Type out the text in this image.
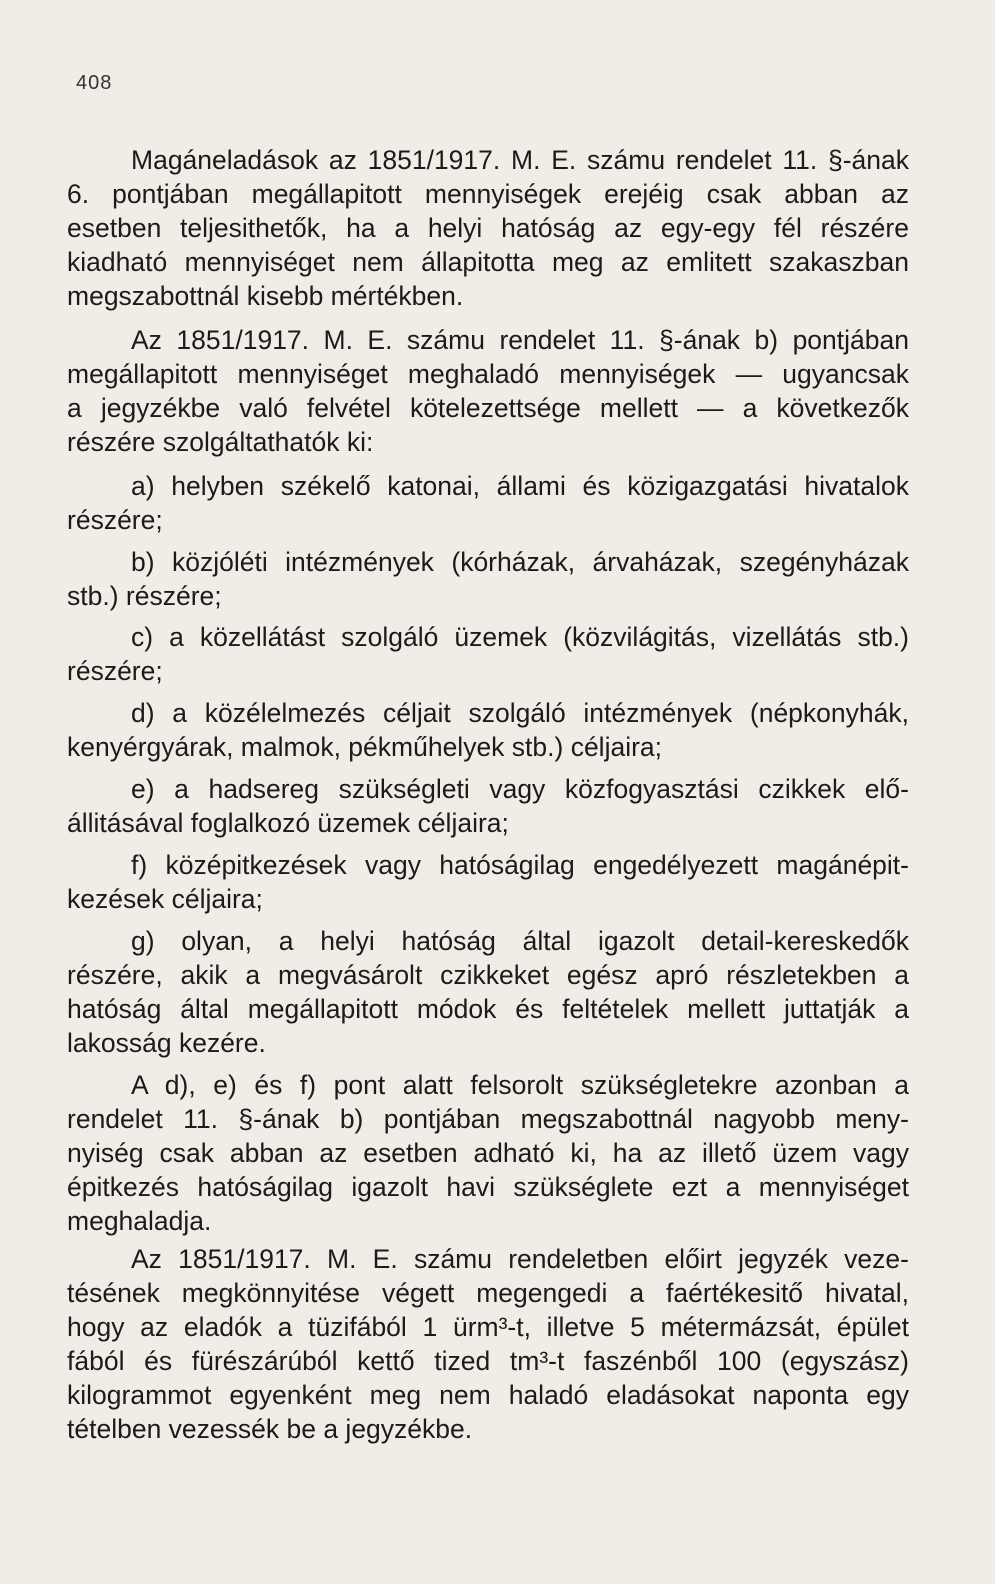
408
Magáneladások az 1851/1917. M. E. számu rendelet 11. §-ának
6. pontjában megállapitott mennyiségek erejéig csak abban az
esetben teljesithetők, ha a helyi hatóság az egy-egy fél részére
kiadható mennyiséget nem állapitotta meg az emlitett szakaszban
megszabottnál kisebb mértékben.
Az 1851/1917. M. E. számu rendelet 11. §-ának b) pontjában
megállapitott mennyiséget meghaladó mennyiségek — ugyancsak
a jegyzékbe való felvétel kötelezettsége mellett — a következők
részére szolgáltathatók ki:
a) helyben székelő katonai, állami és közigazgatási hivatalok
részére;
b) közjóléti intézmények (kórházak, árvaházak, szegényházak
stb.) részére;
c) a közellátást szolgáló üzemek (közvilágitás, vizellátás stb.)
részére;
d) a közélelmezés céljait szolgáló intézmények (népkonyhák,
kenyérgyárak, malmok, pékműhelyek stb.) céljaira;
e) a hadsereg szükségleti vagy közfogyasztási czikkek elő-
állitásával foglalkozó üzemek céljaira;
f) középitkezések vagy hatóságilag engedélyezett magánépit-
kezések céljaira;
g) olyan, a helyi hatóság által igazolt detail-kereskedők
részére, akik a megvásárolt czikkeket egész apró részletekben a
hatóság által megállapitott módok és feltételek mellett juttatják a
lakosság kezére.
A d), e) és f) pont alatt felsorolt szükségletekre azonban a
rendelet 11. §-ának b) pontjában megszabottnál nagyobb meny-
nyiség csak abban az esetben adható ki, ha az illető üzem vagy
épitkezés hatóságilag igazolt havi szükséglete ezt a mennyiséget
meghaladja.
Az 1851/1917. M. E. számu rendeletben előirt jegyzék veze-
tésének megkönnyitése végett megengedi a faértékesitő hivatal,
hogy az eladók a tüzifából 1 ürm³-t, illetve 5 métermázsát, épület
fából és fürészárúból kettő tized tm³-t faszénből 100 (egyszász)
kilogrammot egyenként meg nem haladó eladásokat naponta egy
tételben vezessék be a jegyzékbe.
